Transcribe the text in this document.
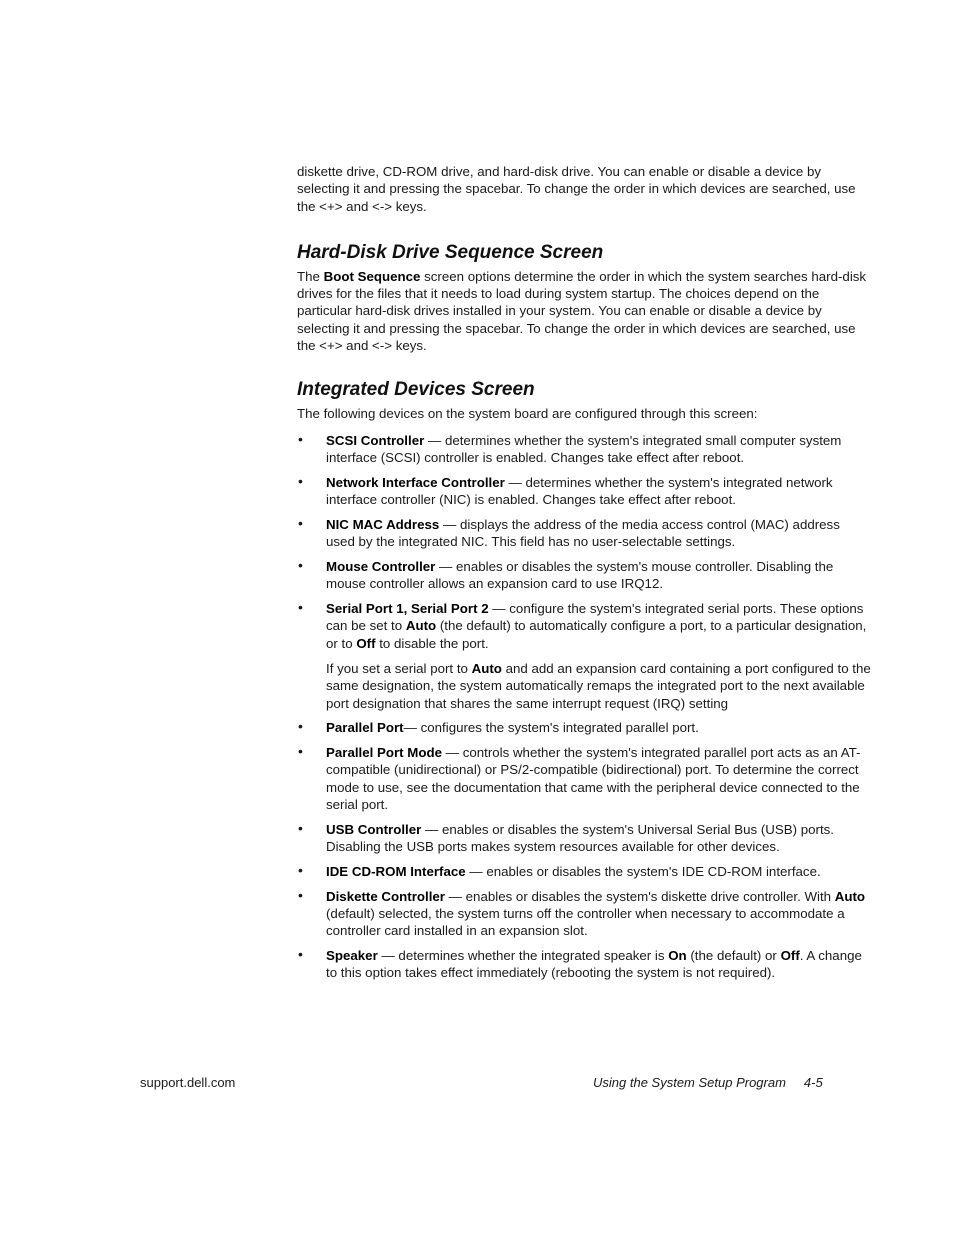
diskette drive, CD-ROM drive, and hard-disk drive. You can enable or disable a device by selecting it and pressing the spacebar. To change the order in which devices are searched, use the <+> and <-> keys.

Hard-Disk Drive Sequence Screen

The Boot Sequence screen options determine the order in which the system searches hard-disk drives for the files that it needs to load during system startup. The choices depend on the particular hard-disk drives installed in your system. You can enable or disable a device by selecting it and pressing the spacebar. To change the order in which devices are searched, use the <+> and <-> keys.

Integrated Devices Screen

The following devices on the system board are configured through this screen:

• SCSI Controller — determines whether the system's integrated small computer system interface (SCSI) controller is enabled. Changes take effect after reboot.
• Network Interface Controller — determines whether the system's integrated network interface controller (NIC) is enabled. Changes take effect after reboot.
• NIC MAC Address — displays the address of the media access control (MAC) address used by the integrated NIC. This field has no user-selectable settings.
• Mouse Controller — enables or disables the system's mouse controller. Disabling the mouse controller allows an expansion card to use IRQ12.
• Serial Port 1, Serial Port 2 — configure the system's integrated serial ports. These options can be set to Auto (the default) to automatically configure a port, to a particular designation, or to Off to disable the port.

If you set a serial port to Auto and add an expansion card containing a port configured to the same designation, the system automatically remaps the integrated port to the next available port designation that shares the same interrupt request (IRQ) setting

• Parallel Port— configures the system's integrated parallel port.
• Parallel Port Mode — controls whether the system's integrated parallel port acts as an AT-compatible (unidirectional) or PS/2-compatible (bidirectional) port. To determine the correct mode to use, see the documentation that came with the peripheral device connected to the serial port.
• USB Controller — enables or disables the system's Universal Serial Bus (USB) ports. Disabling the USB ports makes system resources available for other devices.
• IDE CD-ROM Interface — enables or disables the system's IDE CD-ROM interface.
• Diskette Controller — enables or disables the system's diskette drive controller. With Auto (default) selected, the system turns off the controller when necessary to accommodate a controller card installed in an expansion slot.
• Speaker — determines whether the integrated speaker is On (the default) or Off. A change to this option takes effect immediately (rebooting the system is not required).
support.dell.com	Using the System Setup Program 4-5
